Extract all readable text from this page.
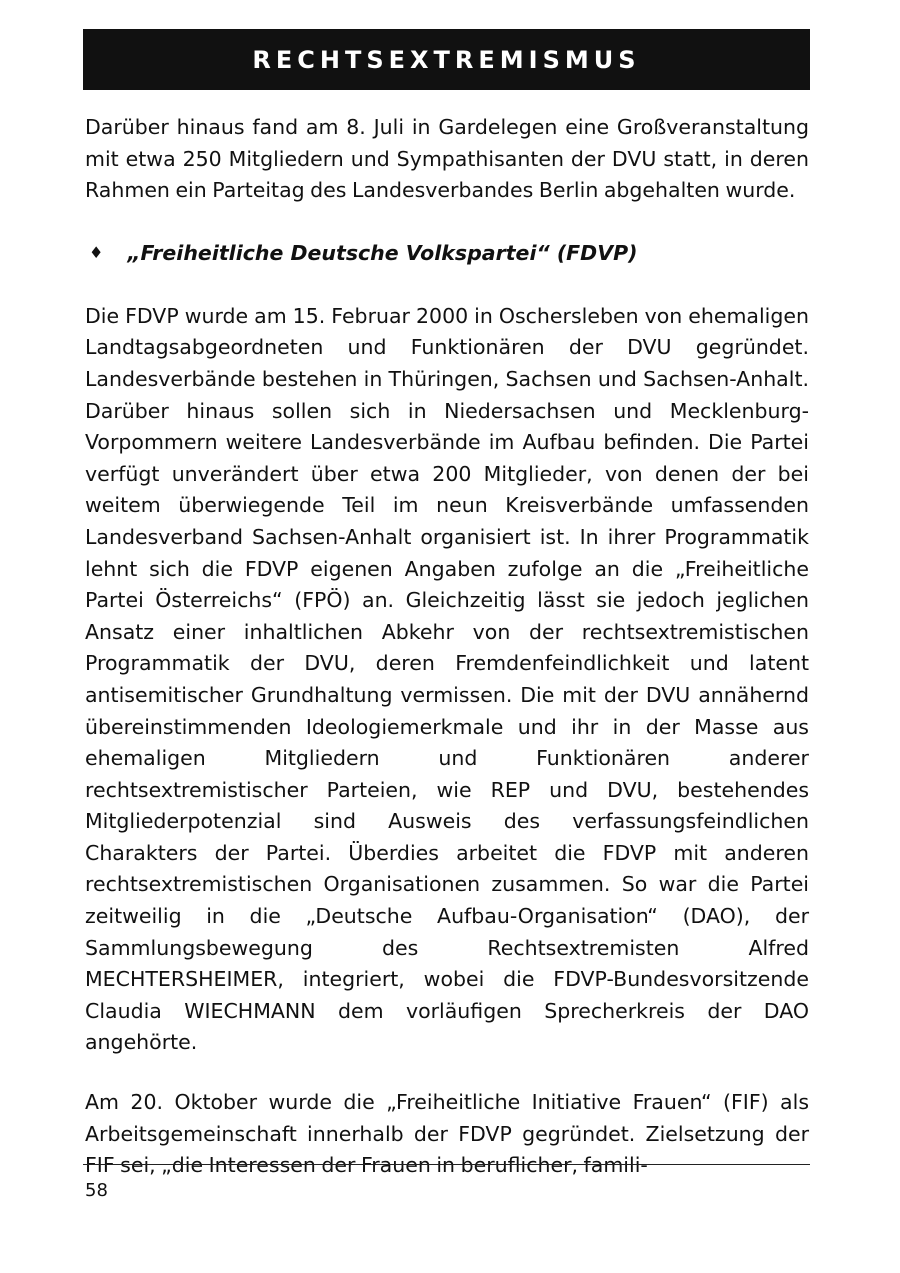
RECHTSEXTREMISMUS

Darüber hinaus fand am 8. Juli in Gardelegen eine Großveranstaltung mit etwa 250 Mitgliedern und Sympathisanten der DVU statt, in deren Rahmen ein Parteitag des Landesverbandes Berlin abgehalten wurde.

♦ „Freiheitliche Deutsche Volkspartei“ (FDVP)

Die FDVP wurde am 15. Februar 2000 in Oschersleben von ehemaligen Landtagsabgeordneten und Funktionären der DVU gegründet. Landesverbände bestehen in Thüringen, Sachsen und Sachsen-Anhalt. Darüber hinaus sollen sich in Niedersachsen und Mecklenburg-Vorpommern weitere Landesverbände im Aufbau befinden. Die Partei verfügt unverändert über etwa 200 Mitglieder, von denen der bei weitem überwiegende Teil im neun Kreisverbände umfassenden Landesverband Sachsen-Anhalt organisiert ist. In ihrer Programmatik lehnt sich die FDVP eigenen Angaben zufolge an die „Freiheitliche Partei Österreichs“ (FPÖ) an. Gleichzeitig lässt sie jedoch jeglichen Ansatz einer inhaltlichen Abkehr von der rechtsextremistischen Programmatik der DVU, deren Fremdenfeindlichkeit und latent antisemitischer Grundhaltung vermissen. Die mit der DVU annähernd übereinstimmenden Ideologiemerkmale und ihr in der Masse aus ehemaligen Mitgliedern und Funktionären anderer rechtsextremistischer Parteien, wie REP und DVU, bestehendes Mitgliederpotenzial sind Ausweis des verfassungsfeindlichen Charakters der Partei. Überdies arbeitet die FDVP mit anderen rechtsextremistischen Organisationen zusammen. So war die Partei zeitweilig in die „Deutsche Aufbau-Organisation“ (DAO), der Sammlungsbewegung des Rechtsextremisten Alfred MECHTERSHEIMER, integriert, wobei die FDVP-Bundesvorsitzende Claudia WIECHMANN dem vorläufigen Sprecherkreis der DAO angehörte.

Am 20. Oktober wurde die „Freiheitliche Initiative Frauen“ (FIF) als Arbeitsgemeinschaft innerhalb der FDVP gegründet. Zielsetzung der FIF sei, „die Interessen der Frauen in beruflicher, famili-

58
